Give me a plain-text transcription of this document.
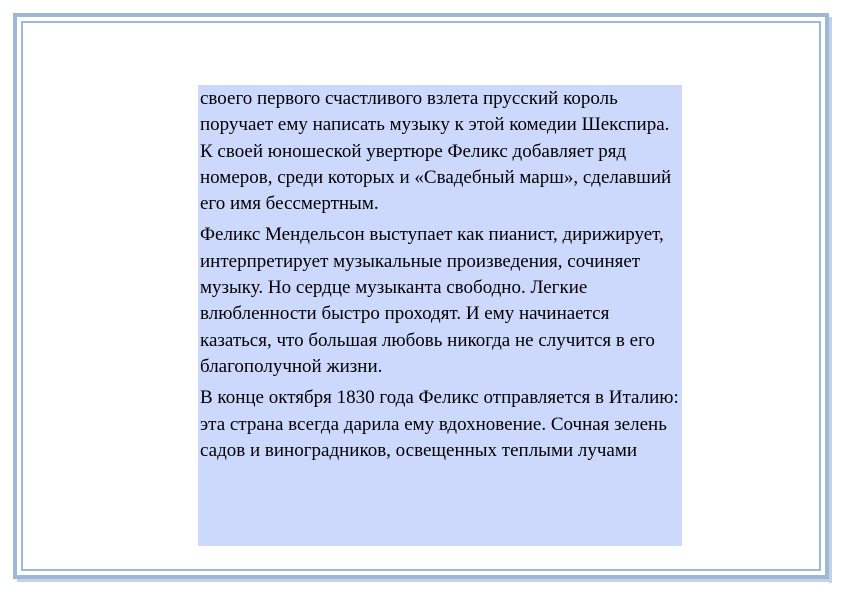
своего первого счастливого взлета прусский король поручает ему написать музыку к этой комедии Шекспира. К своей юношеской увертюре Феликс добавляет ряд номеров, среди которых и «Свадебный марш», сделавший его имя бессмертным.

Феликс Мендельсон выступает как пианист, дирижирует, интерпретирует музыкальные произведения, сочиняет музыку. Но сердце музыканта свободно. Легкие влюбленности быстро проходят. И ему начинается казаться, что большая любовь никогда не случится в его благополучной жизни.

В конце октября 1830 года Феликс отправляется в Италию: эта страна всегда дарила ему вдохновение. Сочная зелень садов и виноградников, освещенных теплыми лучами
